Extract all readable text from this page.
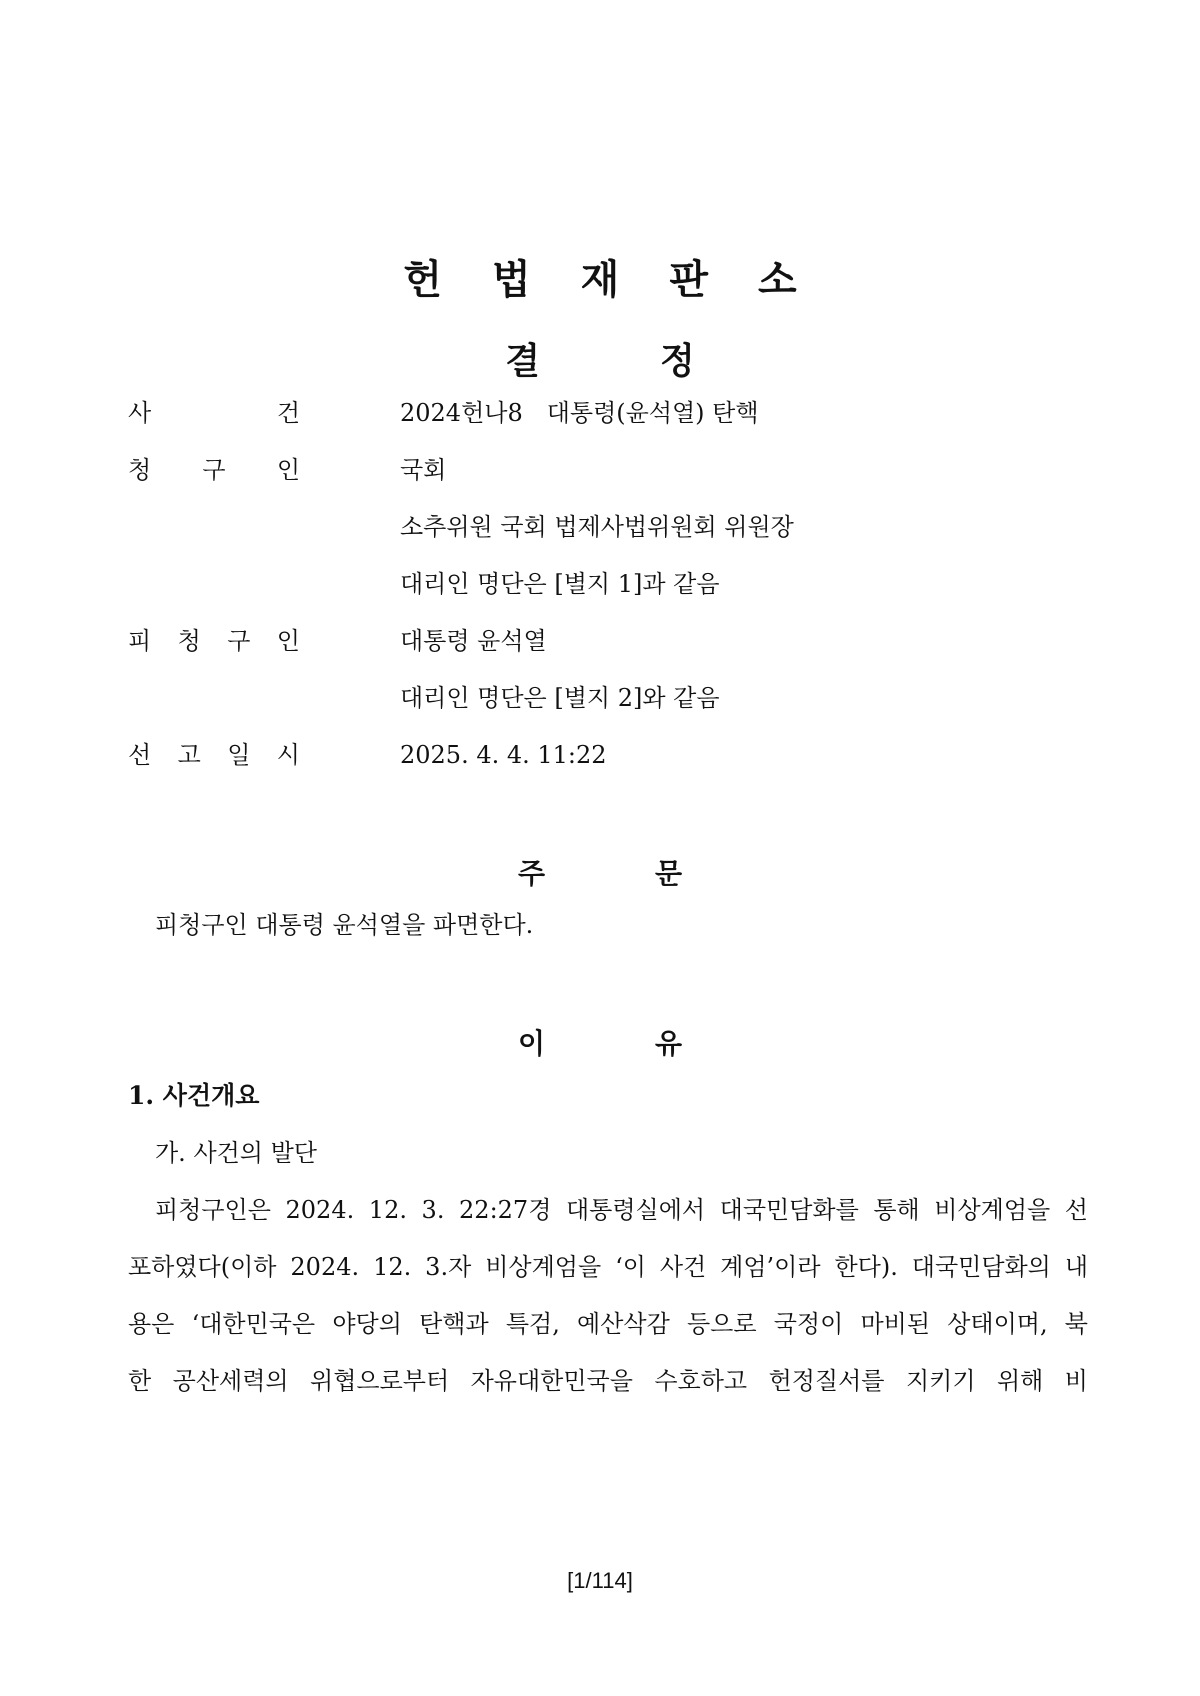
헌법재판소
결정
사	건	2024헌나8　대통령(윤석열) 탄핵
청 구 인	국회
소추위원 국회 법제사법위원회 위원장
대리인 명단은 [별지 1]과 같음
피 청 구 인	대통령 윤석열
대리인 명단은 [별지 2]와 같음
선 고 일 시	2025. 4. 4. 11:22
주문
피청구인 대통령 윤석열을 파면한다.
이유
1. 사건개요
가. 사건의 발단
피청구인은 2024. 12. 3. 22:27경 대통령실에서 대국민담화를 통해 비상계엄을 선
포하였다(이하 2024. 12. 3.자 비상계엄을 ‘이 사건 계엄’이라 한다). 대국민담화의 내
용은 ‘대한민국은 야당의 탄핵과 특검, 예산삭감 등으로 국정이 마비된 상태이며, 북
한 공산세력의 위협으로부터 자유대한민국을 수호하고 헌정질서를 지키기 위해 비
[1/114]
